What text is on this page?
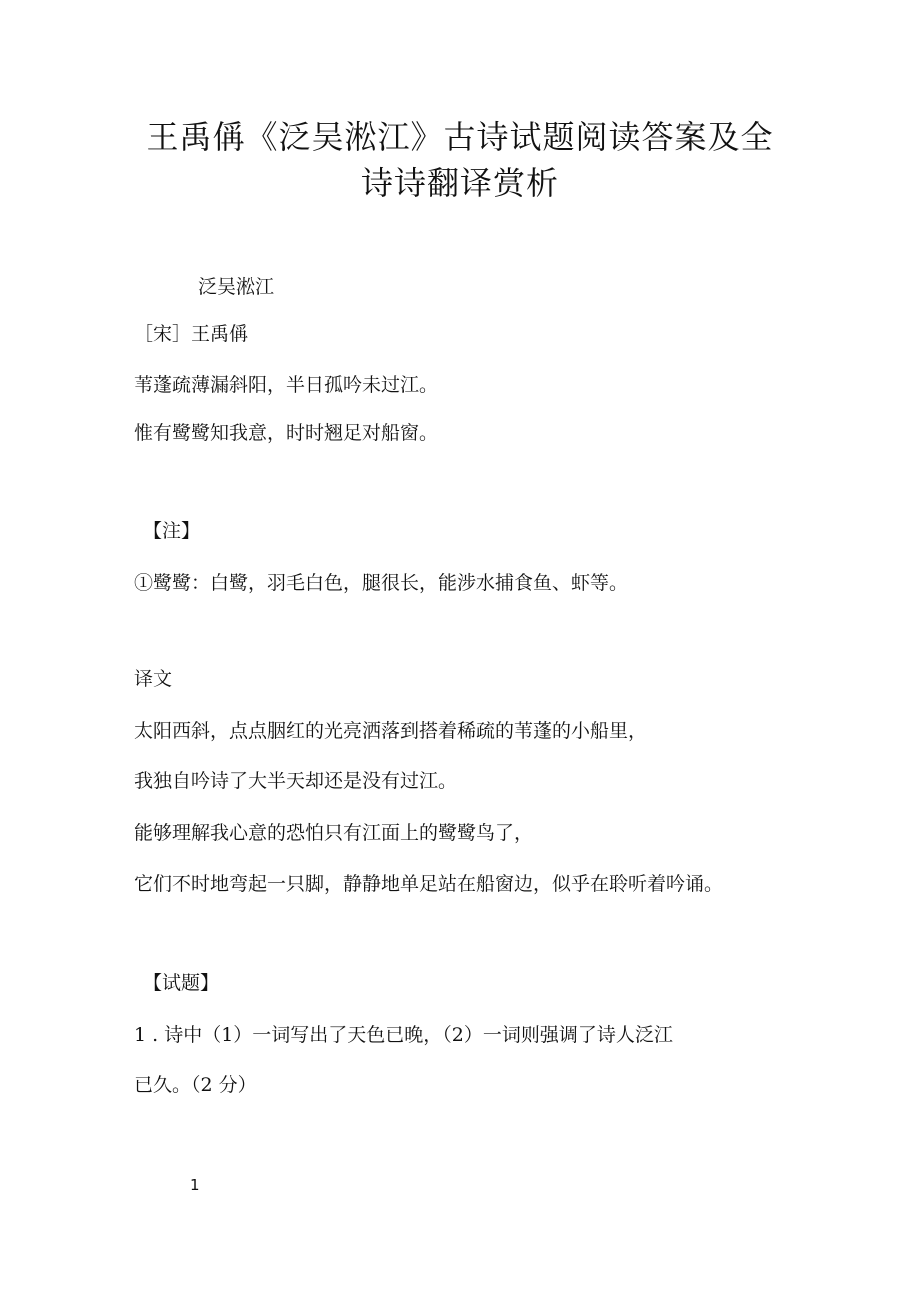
王禹偁《泛吴淞江》古诗试题阅读答案及全
诗诗翻译赏析

泛吴淞江

［宋］王禹偁

苇蓬疏薄漏斜阳，半日孤吟未过江。

惟有鹭鹭知我意，时时翘足对船窗。

【注】

①鹭鹭：白鹭，羽毛白色，腿很长，能涉水捕食鱼、虾等。

译文

太阳西斜，点点胭红的光亮洒落到搭着稀疏的苇蓬的小船里，

我独自吟诗了大半天却还是没有过江。

能够理解我心意的恐怕只有江面上的鹭鹭鸟了，

它们不时地弯起一只脚，静静地单足站在船窗边，似乎在聆听着吟诵。

【试题】

1 . 诗中（1）一词写出了天色已晚，（2）一词则强调了诗人泛江

已久。（2 分）

1
